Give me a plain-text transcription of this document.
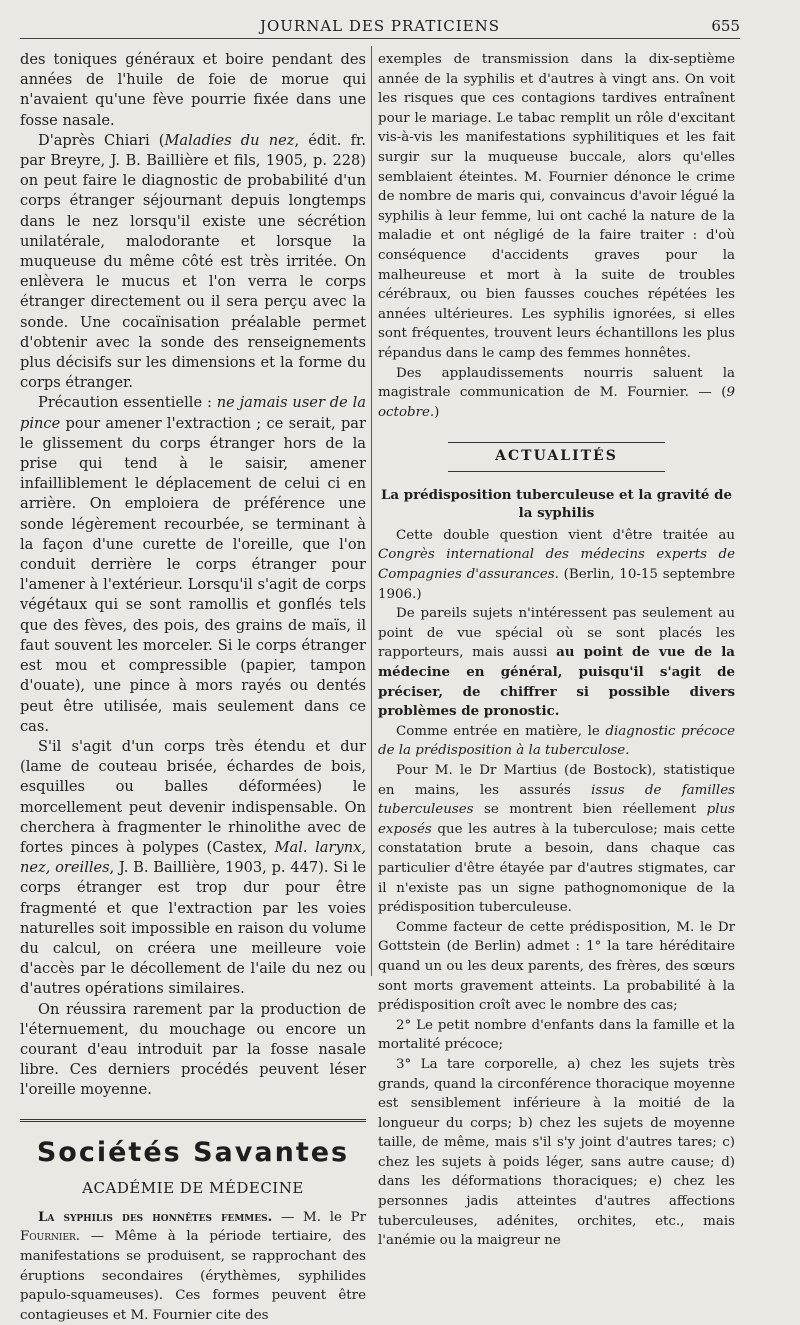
JOURNAL DES PRATICIENS	655

des toniques généraux et boire pendant des années de l'huile de foie de morue qui n'avaient qu'une fève pourrie fixée dans une fosse nasale.

D'après Chiari (Maladies du nez, édit. fr. par Breyre, J. B. Baillière et fils, 1905, p. 228) on peut faire le diagnostic de probabilité d'un corps étranger séjournant depuis longtemps dans le nez lorsqu'il existe une sécrétion unilatérale, malodorante et lorsque la muqueuse du même côté est très irritée. On enlèvera le mucus et l'on verra le corps étranger directement ou il sera perçu avec la sonde. Une cocaïnisation préalable permet d'obtenir avec la sonde des renseignements plus décisifs sur les dimensions et la forme du corps étranger.

Précaution essentielle : ne jamais user de la pince pour amener l'extraction ; ce serait, par le glissement du corps étranger hors de la prise qui tend à le saisir, amener infailliblement le déplacement de celui ci en arrière. On emploiera de préférence une sonde légèrement recourbée, se terminant à la façon d'une curette de l'oreille, que l'on conduit derrière le corps étranger pour l'amener à l'extérieur. Lorsqu'il s'agit de corps végétaux qui se sont ramollis et gonflés tels que des fèves, des pois, des grains de maïs, il faut souvent les morceler. Si le corps étranger est mou et compressible (papier, tampon d'ouate), une pince à mors rayés ou dentés peut être utilisée, mais seulement dans ce cas.

S'il s'agit d'un corps très étendu et dur (lame de couteau brisée, échardes de bois, esquilles ou balles déformées) le morcellement peut devenir indispensable. On cherchera à fragmenter le rhinolithe avec de fortes pinces à polypes (Castex, Mal. larynx, nez, oreilles, J. B. Baillière, 1903, p. 447). Si le corps étranger est trop dur pour être fragmenté et que l'extraction par les voies naturelles soit impossible en raison du volume du calcul, on créera une meilleure voie d'accès par le décollement de l'aile du nez ou d'autres opérations similaires.

On réussira rarement par la production de l'éternuement, du mouchage ou encore un courant d'eau introduit par la fosse nasale libre. Ces derniers procédés peuvent léser l'oreille moyenne.

Sociétés Savantes
ACADÉMIE DE MÉDECINE

La syphilis des honnêtes femmes. — M. le Pr Fournier. — Même à la période tertiaire, des manifestations se produisent, se rapprochant des éruptions secondaires (érythèmes, syphilides papulo-squameuses). Ces formes peuvent être contagieuses et M. Fournier cite des

exemples de transmission dans la dix-septième année de la syphilis et d'autres à vingt ans. On voit les risques que ces contagions tardives entraînent pour le mariage. Le tabac remplit un rôle d'excitant vis-à-vis les manifestations syphilitiques et les fait surgir sur la muqueuse buccale, alors qu'elles semblaient éteintes. M. Fournier dénonce le crime de nombre de maris qui, convaincus d'avoir légué la syphilis à leur femme, lui ont caché la nature de la maladie et ont négligé de la faire traiter : d'où conséquence d'accidents graves pour la malheureuse et mort à la suite de troubles cérébraux, ou bien fausses couches répétées les années ultérieures. Les syphilis ignorées, si elles sont fréquentes, trouvent leurs échantillons les plus répandus dans le camp des femmes honnêtes.

Des applaudissements nourris saluent la magistrale communication de M. Fournier. — (9 octobre.)

ACTUALITÉS
La prédisposition tuberculeuse et la gravité de la syphilis

Cette double question vient d'être traitée au Congrès international des médecins experts de Compagnies d'assurances. (Berlin, 10-15 septembre 1906.)

De pareils sujets n'intéressent pas seulement au point de vue spécial où se sont placés les rapporteurs, mais aussi au point de vue de la médecine en général, puisqu'il s'agit de préciser, de chiffrer si possible divers problèmes de pronostic.

Comme entrée en matière, le diagnostic précoce de la prédisposition à la tuberculose.

Pour M. le Dr Martius (de Bostock), statistique en mains, les assurés issus de familles tuberculeuses se montrent bien réellement plus exposés que les autres à la tuberculose; mais cette constatation brute a besoin, dans chaque cas particulier d'être étayée par d'autres stigmates, car il n'existe pas un signe pathognomonique de la prédisposition tuberculeuse.

Comme facteur de cette prédisposition, M. le Dr Gottstein (de Berlin) admet : 1° la tare héréditaire quand un ou les deux parents, des frères, des sœurs sont morts gravement atteints. La probabilité à la prédisposition croît avec le nombre des cas;

2° Le petit nombre d'enfants dans la famille et la mortalité précoce;

3° La tare corporelle, a) chez les sujets très grands, quand la circonférence thoracique moyenne est sensiblement inférieure à la moitié de la longueur du corps; b) chez les sujets de moyenne taille, de même, mais s'il s'y joint d'autres tares; c) chez les sujets à poids léger, sans autre cause; d) dans les déformations thoraciques; e) chez les personnes jadis atteintes d'autres affections tuberculeuses, adénites, orchites, etc., mais l'anémie ou la maigreur ne
